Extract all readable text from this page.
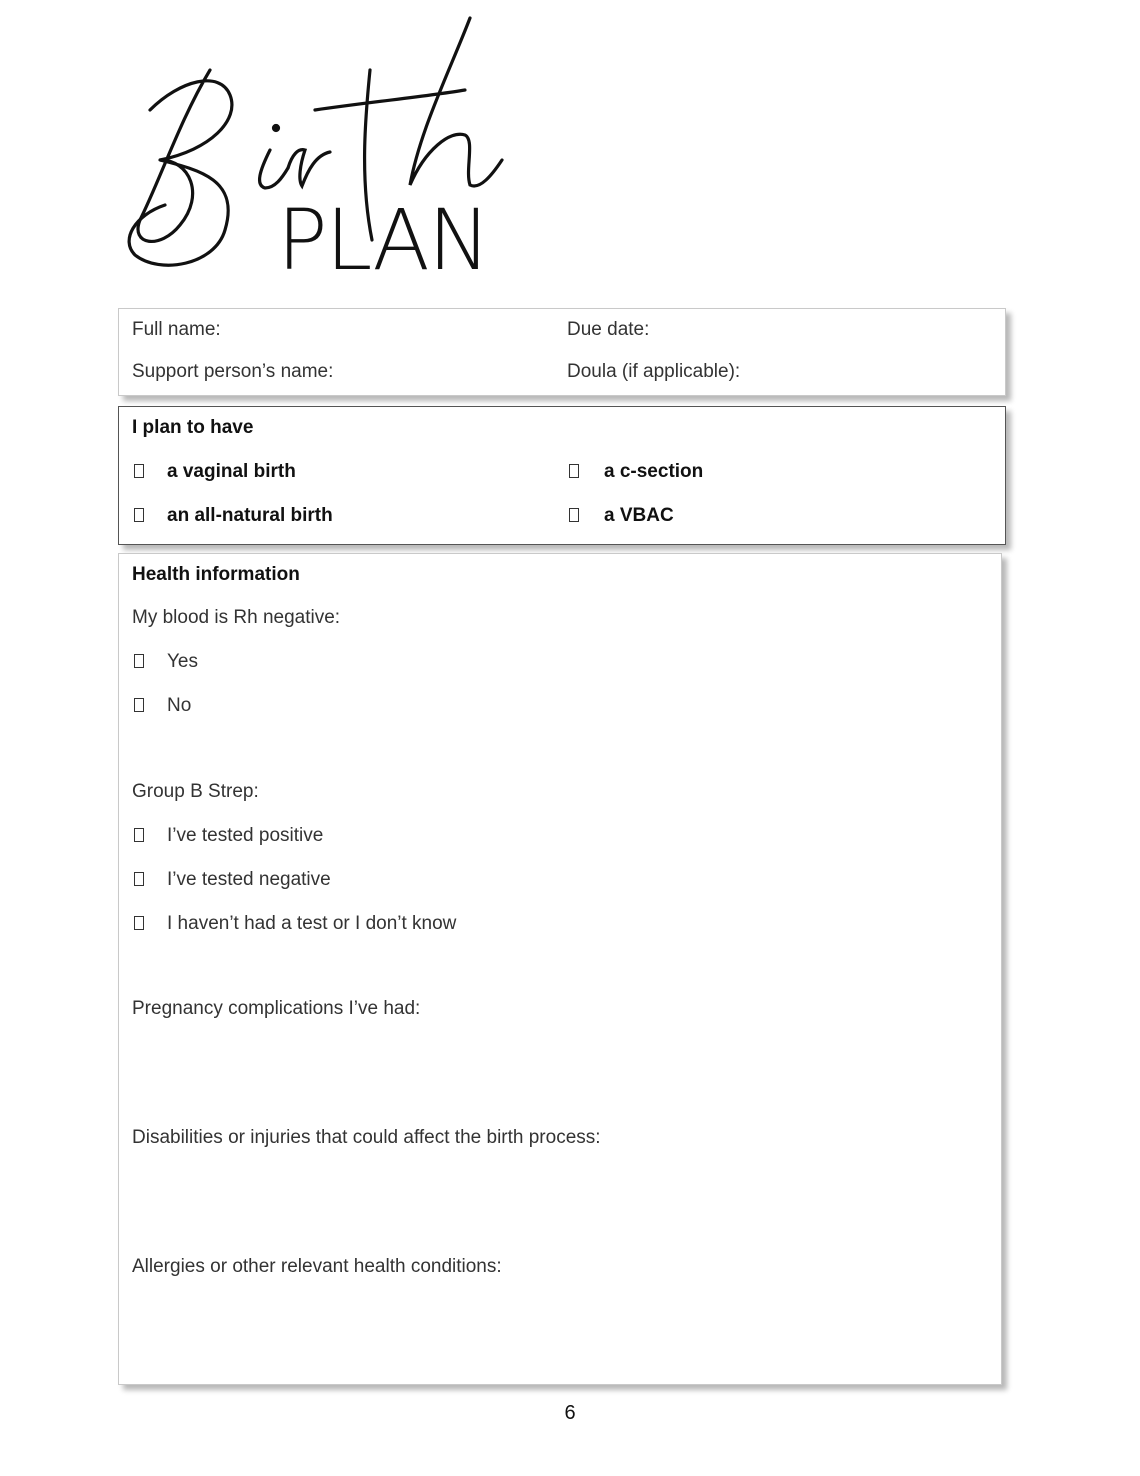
PLAN
Full name:	Due date:
Support person’s name:	Doula (if applicable):
I plan to have
a vaginal birth	a c-section
an all-natural birth	a VBAC
Health information
My blood is Rh negative:
Yes
No
Group B Strep:
I’ve tested positive
I’ve tested negative
I haven’t had a test or I don’t know
Pregnancy complications I’ve had:
Disabilities or injuries that could affect the birth process:
Allergies or other relevant health conditions:
6
